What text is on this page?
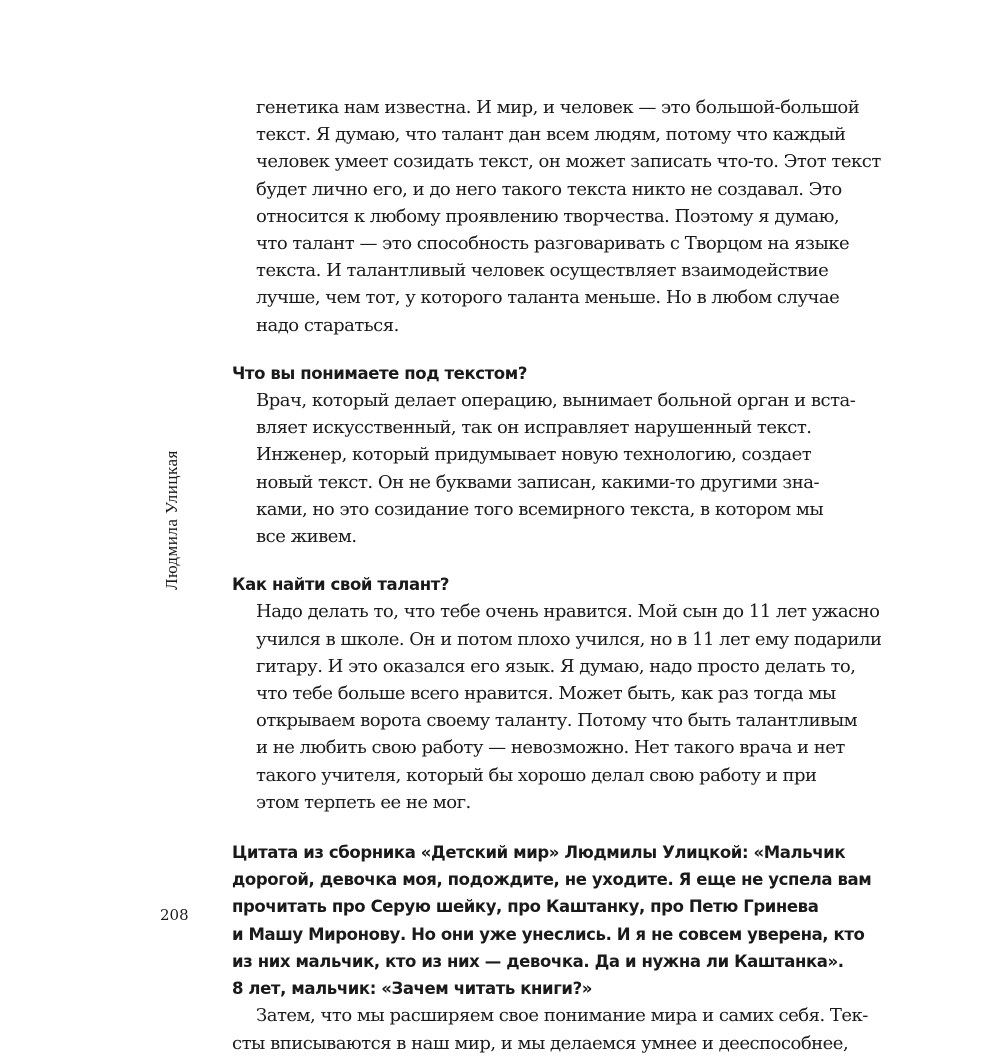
Людмила Улицкая
208
генетика нам известна. И мир, и человек — это большой-большой
текст. Я думаю, что талант дан всем людям, потому что каждый
человек умеет созидать текст, он может записать что-то. Этот текст
будет лично его, и до него такого текста никто не создавал. Это
относится к любому проявлению творчества. Поэтому я думаю,
что талант — это способность разговаривать с Творцом на языке
текста. И талантливый человек осуществляет взаимодействие
лучше, чем тот, у которого таланта меньше. Но в любом случае
надо стараться.
Что вы понимаете под текстом?
Врач, который делает операцию, вынимает больной орган и вста-
вляет искусственный, так он исправляет нарушенный текст.
Инженер, который придумывает новую технологию, создает
новый текст. Он не буквами записан, какими-то другими зна-
ками, но это созидание того всемирного текста, в котором мы
все живем.
Как найти свой талант?
Надо делать то, что тебе очень нравится. Мой сын до 11 лет ужасно
учился в школе. Он и потом плохо учился, но в 11 лет ему подарили
гитару. И это оказался его язык. Я думаю, надо просто делать то,
что тебе больше всего нравится. Может быть, как раз тогда мы
открываем ворота своему таланту. Потому что быть талантливым
и не любить свою работу — невозможно. Нет такого врача и нет
такого учителя, который бы хорошо делал свою работу и при
этом терпеть ее не мог.
Цитата из сборника «Детский мир» Людмилы Улицкой: «Мальчик
дорогой, девочка моя, подождите, не уходите. Я еще не успела вам
прочитать про Серую шейку, про Каштанку, про Петю Гринева
и Машу Миронову. Но они уже унеслись. И я не совсем уверена, кто
из них мальчик, кто из них — девочка. Да и нужна ли Каштанка».
8 лет, мальчик: «Зачем читать книги?»
Затем, что мы расширяем свое понимание мира и самих себя. Тек-
сты вписываются в наш мир, и мы делаемся умнее и дееспособнее,
